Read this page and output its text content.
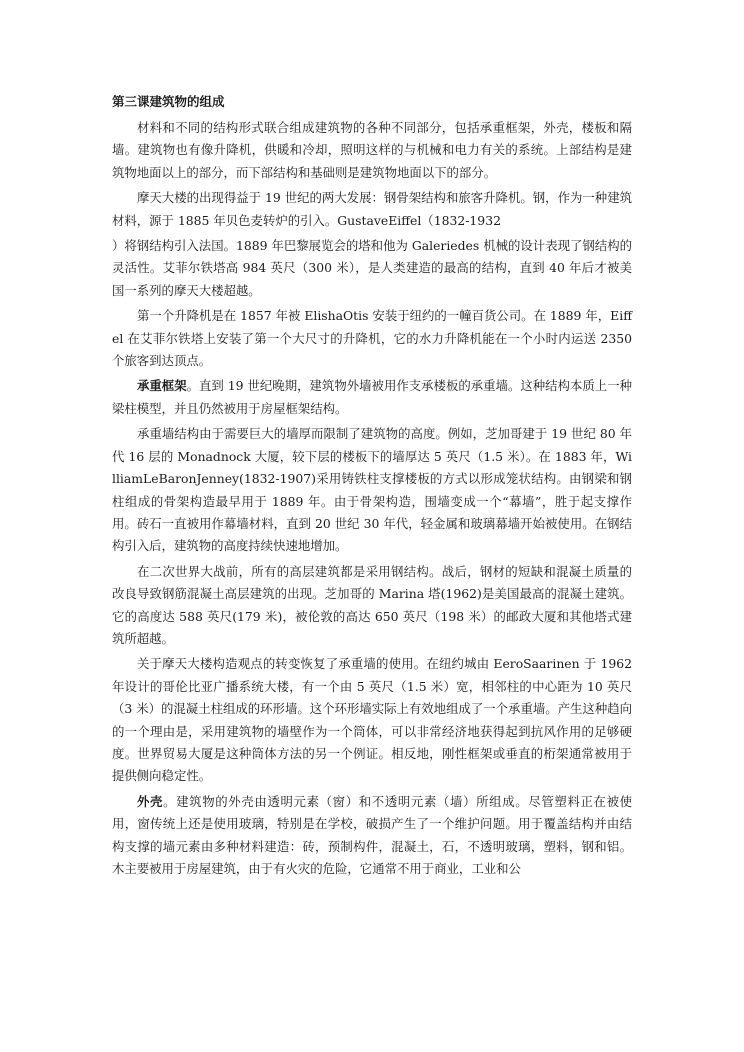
第三课建筑物的组成

材料和不同的结构形式联合组成建筑物的各种不同部分，包括承重框架，外壳，楼板和隔墙。建筑物也有像升降机，供暖和冷却，照明这样的与机械和电力有关的系统。上部结构是建筑物地面以上的部分，而下部结构和基础则是建筑物地面以下的部分。

摩天大楼的出现得益于 19 世纪的两大发展：钢骨架结构和旅客升降机。钢，作为一种建筑材料，源于 1885 年贝色麦转炉的引入。GustaveEiffel（1832-1932

）将钢结构引入法国。1889 年巴黎展览会的塔和他为 Galeriedes 机械的设计表现了钢结构的灵活性。艾菲尔铁塔高 984 英尺（300 米），是人类建造的最高的结构，直到 40 年后才被美国一系列的摩天大楼超越。

第一个升降机是在 1857 年被 ElishaOtis 安装于纽约的一幢百货公司。在 1889 年，Eiffel 在艾菲尔铁塔上安装了第一个大尺寸的升降机，它的水力升降机能在一个小时内运送 2350 个旅客到达顶点。

承重框架。直到 19 世纪晚期，建筑物外墙被用作支承楼板的承重墙。这种结构本质上一种梁柱模型，并且仍然被用于房屋框架结构。

承重墙结构由于需要巨大的墙厚而限制了建筑物的高度。例如，芝加哥建于 19 世纪 80 年代 16 层的 Monadnock 大厦，较下层的楼板下的墙厚达 5 英尺（1.5 米）。在 1883 年，WilliamLeBaronJenney(1832-1907)采用铸铁柱支撑楼板的方式以形成笼状结构。由钢梁和钢柱组成的骨架构造最早用于 1889 年。由于骨架构造，围墙变成一个“幕墙”，胜于起支撑作用。砖石一直被用作幕墙材料，直到 20 世纪 30 年代，轻金属和玻璃幕墙开始被使用。在钢结构引入后，建筑物的高度持续快速地增加。

在二次世界大战前，所有的高层建筑都是采用钢结构。战后，钢材的短缺和混凝土质量的改良导致钢筋混凝土高层建筑的出现。芝加哥的 Marina 塔(1962)是美国最高的混凝土建筑。它的高度达 588 英尺(179 米)，被伦敦的高达 650 英尺（198 米）的邮政大厦和其他塔式建筑所超越。

关于摩天大楼构造观点的转变恢复了承重墙的使用。在纽约城由 EeroSaarinen 于 1962 年设计的哥伦比亚广播系统大楼，有一个由 5 英尺（1.5 米）宽，相邻柱的中心距为 10 英尺（3 米）的混凝土柱组成的环形墙。这个环形墙实际上有效地组成了一个承重墙。产生这种趋向的一个理由是，采用建筑物的墙壁作为一个筒体，可以非常经济地获得起到抗风作用的足够硬度。世界贸易大厦是这种筒体方法的另一个例证。相反地，刚性框架或垂直的桁架通常被用于提供侧向稳定性。

外壳。建筑物的外壳由透明元素（窗）和不透明元素（墙）所组成。尽管塑料正在被使用，窗传统上还是使用玻璃，特别是在学校，破损产生了一个维护问题。用于覆盖结构并由结构支撑的墙元素由多种材料建造：砖，预制构件，混凝土，石，不透明玻璃，塑料，钢和铝。木主要被用于房屋建筑，由于有火灾的危险，它通常不用于商业，工业和公
